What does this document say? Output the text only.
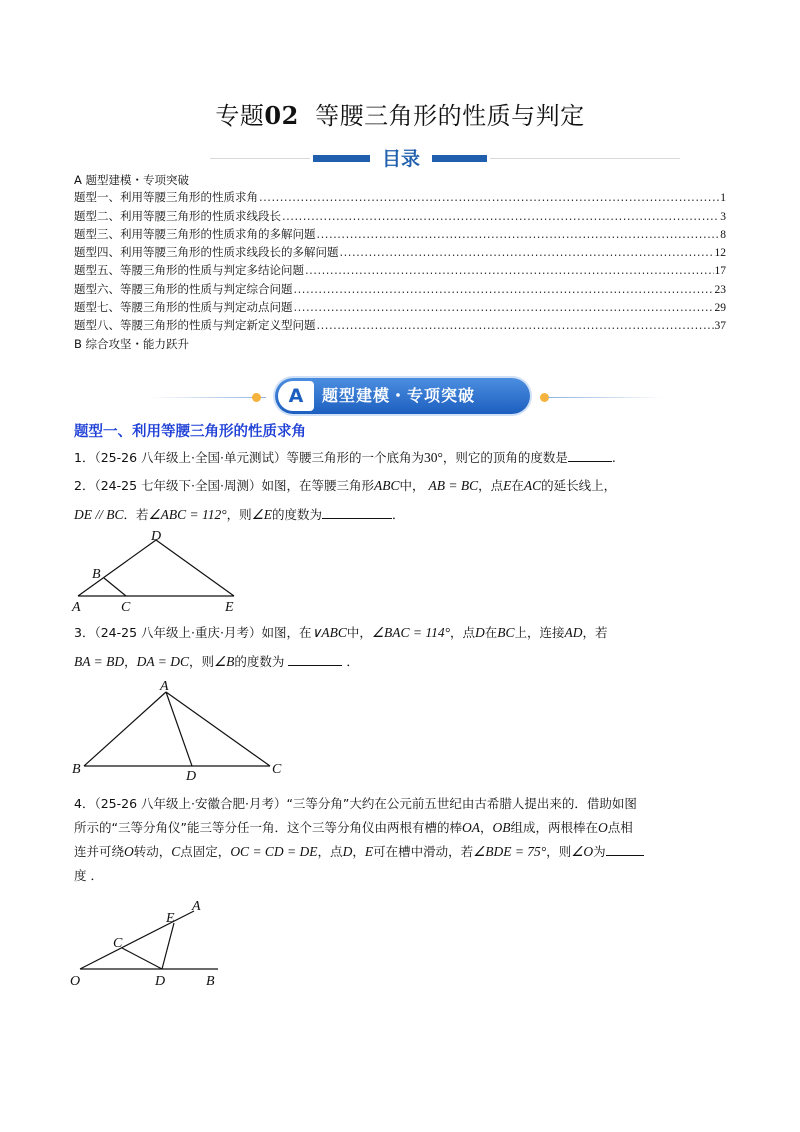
专题02 等腰三角形的性质与判定
目录
A 题型建模・专项突破
题型一、利用等腰三角形的性质求角 .....	1
题型二、利用等腰三角形的性质求线段长 .....	3
题型三、利用等腰三角形的性质求角的多解问题 .....	8
题型四、利用等腰三角形的性质求线段长的多解问题 .....	12
题型五、等腰三角形的性质与判定多结论问题 .....	17
题型六、等腰三角形的性质与判定综合问题 .....	23
题型七、等腰三角形的性质与判定动点问题 .....	29
题型八、等腰三角形的性质与判定新定义型问题 .....	37
B 综合攻坚・能力跃升
A	题型建模・专项突破
题型一、利用等腰三角形的性质求角
1．（25-26 八年级上·全国·单元测试）等腰三角形的一个底角为30°，则它的顶角的度数是	.
2．（24-25 七年级下·全国·周测）如图，在等腰三角形ABC中， AB = BC，点E在AC的延长线上，
DE // BC．若∠ABC = 112°，则∠E的度数为	．
A
B
C
D
E
3．（24-25 八年级上·重庆·月考）如图，在∨ABC中，∠BAC = 114°，点D在BC上，连接AD，若
BA = BD，DA = DC，则∠B的度数为	．
A
B	D	C
4．（25-26 八年级上·安徽合肥·月考）“三等分角”大约在公元前五世纪由古希腊人提出来的．借助如图
所示的“三等分角仪”能三等分任一角．这个三等分角仪由两根有槽的棒OA，OB组成，两根棒在O点相
连并可绕O转动，C点固定，OC = CD = DE，点D，E可在槽中滑动，若∠BDE = 75°，则∠O为
度 ．
O
C
D	B
E
A
